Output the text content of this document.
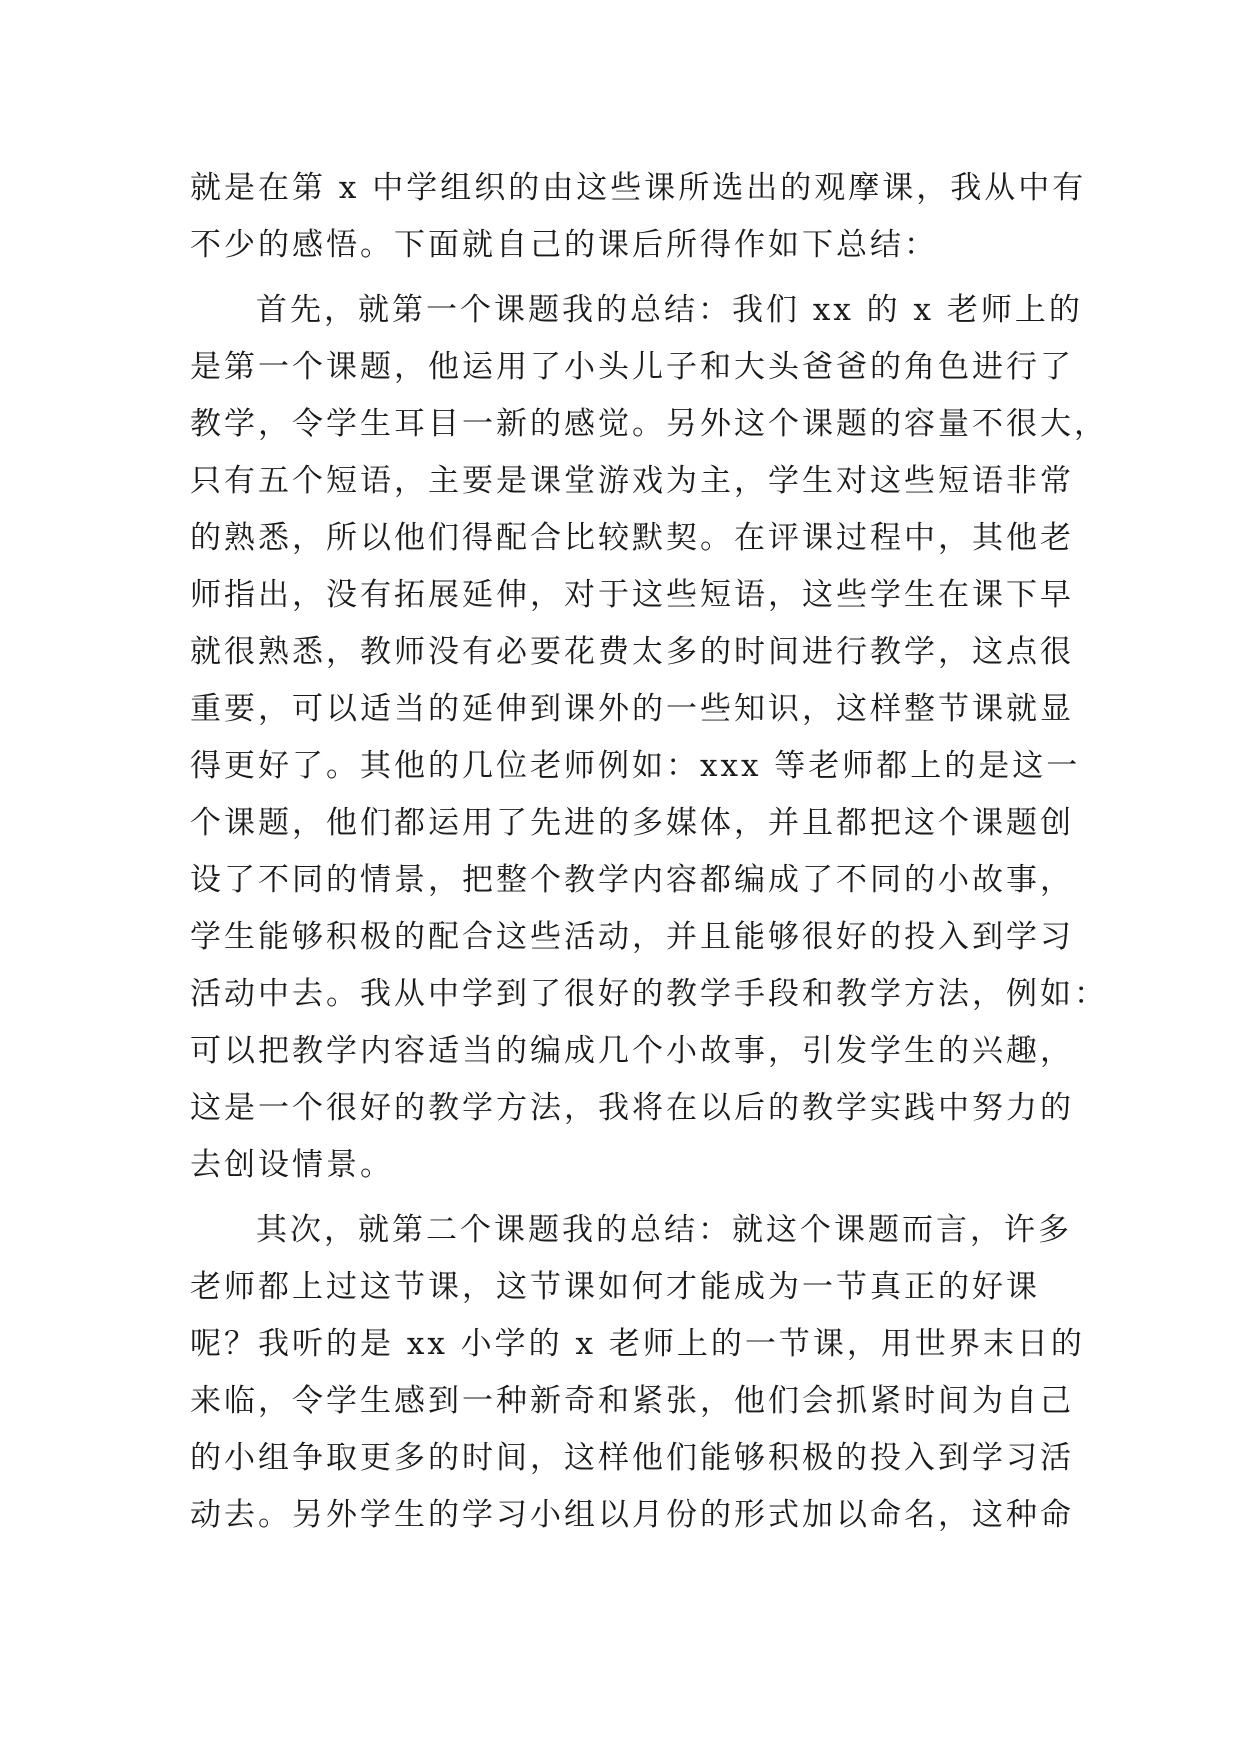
就是在第 x 中学组织的由这些课所选出的观摩课，我从中有
不少的感悟。下面就自己的课后所得作如下总结：
首先，就第一个课题我的总结：我们 xx 的 x 老师上的
是第一个课题，他运用了小头儿子和大头爸爸的角色进行了
教学，令学生耳目一新的感觉。另外这个课题的容量不很大，
只有五个短语，主要是课堂游戏为主，学生对这些短语非常
的熟悉，所以他们得配合比较默契。在评课过程中，其他老
师指出，没有拓展延伸，对于这些短语，这些学生在课下早
就很熟悉，教师没有必要花费太多的时间进行教学，这点很
重要，可以适当的延伸到课外的一些知识，这样整节课就显
得更好了。其他的几位老师例如：xxx 等老师都上的是这一
个课题，他们都运用了先进的多媒体，并且都把这个课题创
设了不同的情景，把整个教学内容都编成了不同的小故事，
学生能够积极的配合这些活动，并且能够很好的投入到学习
活动中去。我从中学到了很好的教学手段和教学方法，例如：
可以把教学内容适当的编成几个小故事，引发学生的兴趣，
这是一个很好的教学方法，我将在以后的教学实践中努力的
去创设情景。
其次，就第二个课题我的总结：就这个课题而言，许多
老师都上过这节课，这节课如何才能成为一节真正的好课
呢？我听的是 xx 小学的 x 老师上的一节课，用世界末日的
来临，令学生感到一种新奇和紧张，他们会抓紧时间为自己
的小组争取更多的时间，这样他们能够积极的投入到学习活
动去。另外学生的学习小组以月份的形式加以命名，这种命
